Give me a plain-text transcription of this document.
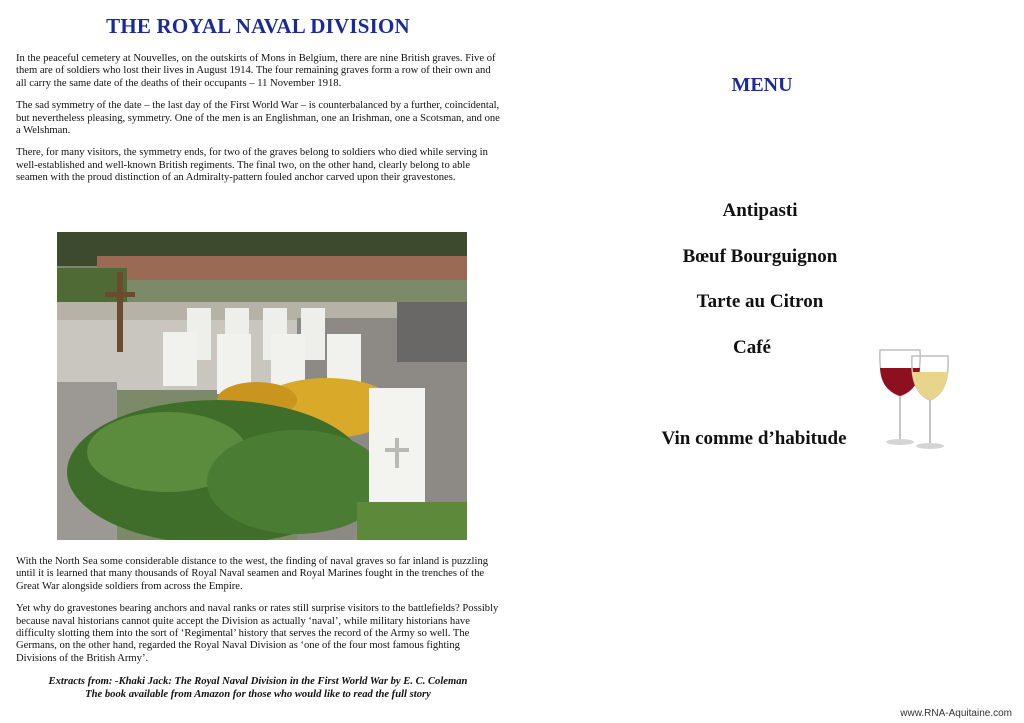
THE ROYAL NAVAL DIVISION

In the peaceful cemetery at Nouvelles, on the outskirts of Mons in Belgium, there are nine British graves. Five of them are of soldiers who lost their lives in August 1914. The four remaining graves form a row of their own and all carry the same date of the deaths of their occupants – 11 November 1918.

The sad symmetry of the date – the last day of the First World War – is counterbalanced by a further, coincidental, but nevertheless pleasing, symmetry. One of the men is an Englishman, one an Irishman, one a Scotsman, and one a Welshman.

There, for many visitors, the symmetry ends, for two of the graves belong to soldiers who died while serving in well-established and well-known British regiments. The final two, on the other hand, clearly belong to able seamen with the proud distinction of an Admiralty-pattern fouled anchor carved upon their gravestones.

With the North Sea some considerable distance to the west, the finding of naval graves so far inland is puzzling until it is learned that many thousands of Royal Naval seamen and Royal Marines fought in the trenches of the Great War alongside soldiers from across the Empire.

Yet why do gravestones bearing anchors and naval ranks or rates still surprise visitors to the battlefields? Possibly because naval historians cannot quite accept the Division as actually ‘naval’, while military historians have difficulty slotting them into the sort of ‘Regimental’ history that serves the record of the Army so well. The Germans, on the other hand, regarded the Royal Naval Division as ‘one of the four most famous fighting Divisions of the British Army’.

Extracts from: -Khaki Jack: The Royal Naval Division in the First World War by E. C. Coleman
The book available from Amazon for those who would like to read the full story
MENU
Antipasti
Bœuf Bourguignon
Tarte au Citron
Café
Vin comme d’habitude
www.RNA-Aquitaine.com
